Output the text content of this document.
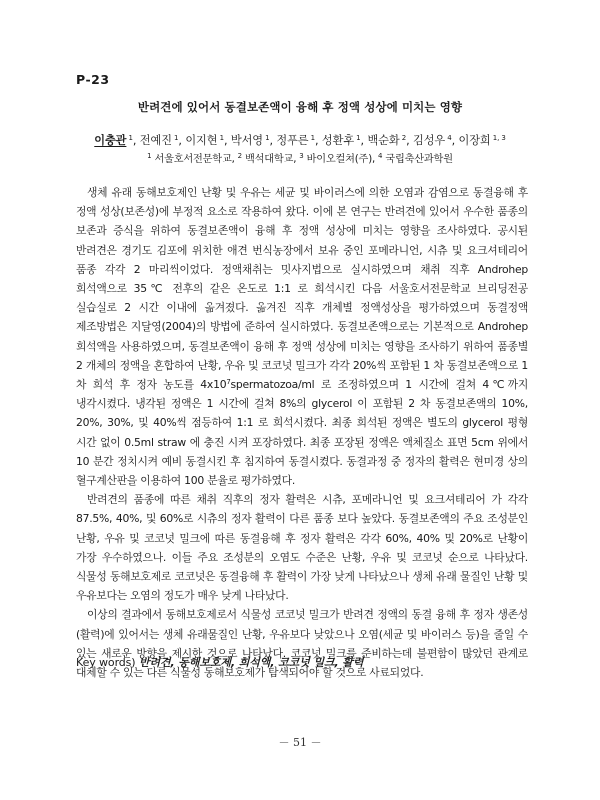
P-23
반려견에 있어서 동결보존액이 융해 후 정액 성상에 미치는 영향
이충관 $^1$, 전예진 $^1$, 이지현 $^1$, 박서영 $^1$, 정푸른 $^1$, 성환후 $^1$, 백순화 $^2$, 김성우 $^4$, 이장희 $^{1, 3}$
$^1$ 서울호서전문학교, $^2$ 백석대학교, $^3$ 바이오컬쳐(주), $^4$ 국립축산과학원

생체 유래 동해보호제인 난황 및 우유는 세균 및 바이러스에 의한 오염과 감염으로 동결융해 후 정액 성상(보존성)에 부정적 요소로 작용하여 왔다. 이에 본 연구는 반려견에 있어서 우수한 품종의 보존과 증식을 위하여 동결보존액이 융해 후 정액 성상에 미치는 영향을 조사하였다. 공시된 반려견은 경기도 김포에 위치한 애견 번식농장에서 보유 중인 포메라니언, 시츄 및 요크셔테리어 품종 각각 2 마리씩이었다. 정액채취는 밋사지법으로 실시하였으며 채취 직후 Androhep 희석액으로 35℃ 전후의 같은 온도로 1:1 로 희석시킨 다음 서울호서전문학교 브리딩전공 실습실로 2 시간 이내에 옮겨졌다. 옮겨진 직후 개체별 정액성상을 평가하였으며 동결정액 제조방법은 지달영(2004)의 방법에 준하여 실시하였다. 동결보존액으로는 기본적으로 Androhep 희석액을 사용하였으며, 동결보존액이 융해 후 정액 성상에 미치는 영향을 조사하기 위하여 품종별 2 개체의 정액을 혼합하여 난황, 우유 및 코코넛 밀크가 각각 20%씩 포함된 1 차 동결보존액으로 1 차 희석 후 정자 농도를 $4x10^7spermatozoa/ml$ 로 조정하였으며 1 시간에 걸쳐 4℃까지 냉각시켰다. 냉각된 정액은 1 시간에 걸쳐 8%의 glycerol 이 포함된 2 차 동결보존액의 10%, 20%, 30%, 및 40%씩 점등하여 1:1 로 희석시켰다. 최종 희석된 정액은 별도의 glycerol 평형 시간 없이 0.5ml straw 에 충진 시켜 포장하였다. 최종 포장된 정액은 액체질소 표면 5cm 위에서 10 분간 정치시켜 예비 동결시킨 후 침지하여 동결시켰다. 동결과정 중 정자의 활력은 현미경 상의 혈구계산판을 이용하여 100 분율로 평가하였다.

반려견의 품종에 따른 채취 직후의 정자 활력은 시츄, 포메라니언 및 요크셔테리어 가 각각 87.5%, 40%, 및 60%로 시츄의 정자 활력이 다른 품종 보다 높았다. 동결보존액의 주요 조성분인 난황, 우유 및 코코넛 밀크에 따른 동결융해 후 정자 활력은 각각 60%, 40% 및 20%로 난황이 가장 우수하였으나. 이들 주요 조성분의 오염도 수준은 난황, 우유 및 코코넛 순으로 나타났다. 식물성 동해보호제로 코코넛은 동결융해 후 활력이 가장 낮게 나타났으나 생체 유래 물질인 난황 및 우유보다는 오염의 정도가 매우 낮게 나타났다.

이상의 결과에서 동해보호제로서 식물성 코코넛 밀크가 반려견 정액의 동결 융해 후 정자 생존성(활력)에 있어서는 생체 유래물질인 난황, 우유보다 낮았으나 오염(세균 및 바이러스 등)을 줄일 수 있는 새로운 방향을 제시한 것으로 나타났다. 코코넛 밀크를 준비하는데 불편함이 많았던 관계로 대체할 수 있는 다른 식물성 동해보호제가 탐색되어야 할 것으로 사료되었다.

Key words) 반려견, 동해보호제, 희석액, 코코넛 밀크, 활력
－ 51 －
